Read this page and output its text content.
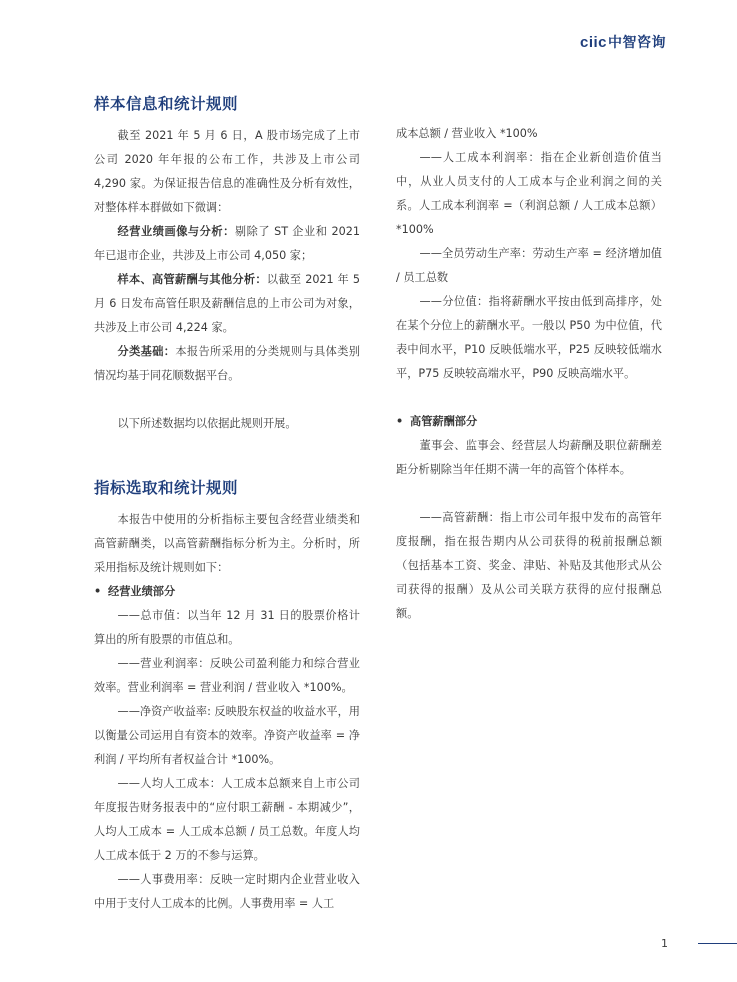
ciic中智咨询
样本信息和统计规则

截至 2021 年 5 月 6 日，A 股市场完成了上市公司 2020 年年报的公布工作，共涉及上市公司 4,290 家。为保证报告信息的准确性及分析有效性，对整体样本群做如下微调：

经营业绩画像与分析：剔除了 ST 企业和 2021 年已退市企业，共涉及上市公司 4,050 家；

样本、高管薪酬与其他分析：以截至 2021 年 5 月 6 日发布高管任职及薪酬信息的上市公司为对象，共涉及上市公司 4,224 家。

分类基础：本报告所采用的分类规则与具体类别情况均基于同花顺数据平台。

以下所述数据均以依据此规则开展。

指标选取和统计规则

本报告中使用的分析指标主要包含经营业绩类和高管薪酬类，以高管薪酬指标分析为主。分析时，所采用指标及统计规则如下：

• 经营业绩部分

——总市值：以当年 12 月 31 日的股票价格计算出的所有股票的市值总和。

——营业利润率：反映公司盈利能力和综合营业效率。营业利润率 = 营业利润 / 营业收入 *100%。

——净资产收益率: 反映股东权益的收益水平，用以衡量公司运用自有资本的效率。净资产收益率 = 净利润 / 平均所有者权益合计 *100%。

——人均人工成本：人工成本总额来自上市公司年度报告财务报表中的“应付职工薪酬 - 本期减少”，人均人工成本 = 人工成本总额 / 员工总数。年度人均人工成本低于 2 万的不参与运算。

——人事费用率：反映一定时期内企业营业收入中用于支付人工成本的比例。人事费用率 = 人工

成本总额 / 营业收入 *100%

——人工成本利润率：指在企业新创造价值当中，从业人员支付的人工成本与企业利润之间的关系。人工成本利润率 =（利润总额 / 人工成本总额）*100%

——全员劳动生产率：劳动生产率 = 经济增加值 / 员工总数

——分位值：指将薪酬水平按由低到高排序，处在某个分位上的薪酬水平。一般以 P50 为中位值，代表中间水平，P10 反映低端水平，P25 反映较低端水平，P75 反映较高端水平，P90 反映高端水平。

• 高管薪酬部分

董事会、监事会、经营层人均薪酬及职位薪酬差距分析剔除当年任期不满一年的高管个体样本。

——高管薪酬：指上市公司年报中发布的高管年度报酬，指在报告期内从公司获得的税前报酬总额（包括基本工资、奖金、津贴、补贴及其他形式从公司获得的报酬）及从公司关联方获得的应付报酬总额。

1
